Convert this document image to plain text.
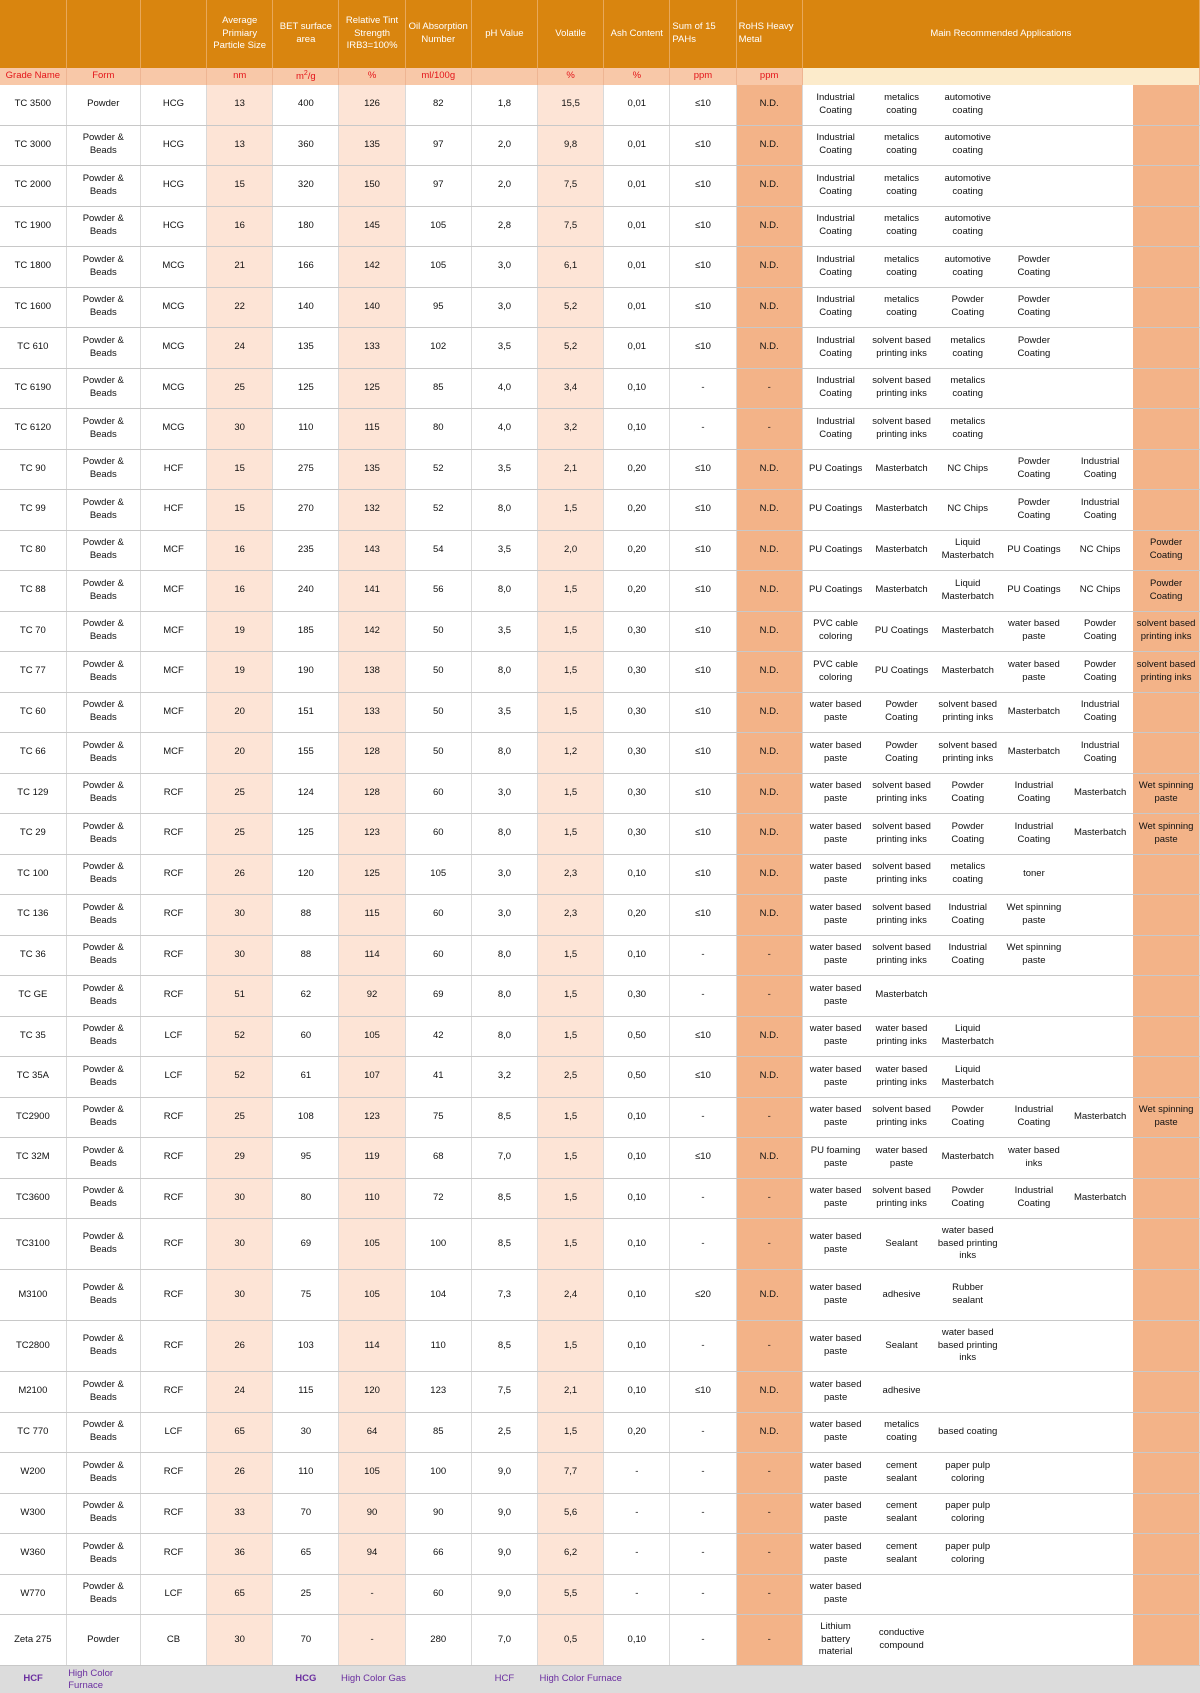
			Average Primiary Particle Size	BET surface area	Relative Tint Strength IRB3=100%	Oil Absorption Number	pH Value	Volatile	Ash Content	Sum of 15 PAHs	RoHS Heavy Metal	Main Recommended Applications					
Grade Name	Form		nm	$m^2/g$	%	ml/100g		%	%	ppm	ppm						
TC 3500	Powder	HCG	13	400	126	82	1,8	15,5	0,01	≤10	N.D.	Industrial Coating	metalics coating	automotive coating			
TC 3000	Powder & Beads	HCG	13	360	135	97	2,0	9,8	0,01	≤10	N.D.	Industrial Coating	metalics coating	automotive coating			
TC 2000	Powder & Beads	HCG	15	320	150	97	2,0	7,5	0,01	≤10	N.D.	Industrial Coating	metalics coating	automotive coating			
TC 1900	Powder & Beads	HCG	16	180	145	105	2,8	7,5	0,01	≤10	N.D.	Industrial Coating	metalics coating	automotive coating			
TC 1800	Powder & Beads	MCG	21	166	142	105	3,0	6,1	0,01	≤10	N.D.	Industrial Coating	metalics coating	automotive coating	Powder Coating		
TC 1600	Powder & Beads	MCG	22	140	140	95	3,0	5,2	0,01	≤10	N.D.	Industrial Coating	metalics coating	Powder Coating	Powder Coating		
TC 610	Powder & Beads	MCG	24	135	133	102	3,5	5,2	0,01	≤10	N.D.	Industrial Coating	solvent based printing inks	metalics coating	Powder Coating		
TC 6190	Powder & Beads	MCG	25	125	125	85	4,0	3,4	0,10	-	-	Industrial Coating	solvent based printing inks	metalics coating			
TC 6120	Powder & Beads	MCG	30	110	115	80	4,0	3,2	0,10	-	-	Industrial Coating	solvent based printing inks	metalics coating			
TC 90	Powder & Beads	HCF	15	275	135	52	3,5	2,1	0,20	≤10	N.D.	PU Coatings	Masterbatch	NC Chips	Powder Coating	Industrial Coating	
TC 99	Powder & Beads	HCF	15	270	132	52	8,0	1,5	0,20	≤10	N.D.	PU Coatings	Masterbatch	NC Chips	Powder Coating	Industrial Coating	
TC 80	Powder & Beads	MCF	16	235	143	54	3,5	2,0	0,20	≤10	N.D.	PU Coatings	Masterbatch	Liquid Masterbatch	PU Coatings	NC Chips	Powder Coating
TC 88	Powder & Beads	MCF	16	240	141	56	8,0	1,5	0,20	≤10	N.D.	PU Coatings	Masterbatch	Liquid Masterbatch	PU Coatings	NC Chips	Powder Coating
TC 70	Powder & Beads	MCF	19	185	142	50	3,5	1,5	0,30	≤10	N.D.	PVC cable coloring	PU Coatings	Masterbatch	water based paste	Powder Coating	solvent based printing inks
TC 77	Powder & Beads	MCF	19	190	138	50	8,0	1,5	0,30	≤10	N.D.	PVC cable coloring	PU Coatings	Masterbatch	water based paste	Powder Coating	solvent based printing inks
TC 60	Powder & Beads	MCF	20	151	133	50	3,5	1,5	0,30	≤10	N.D.	water based paste	Powder Coating	solvent based printing inks	Masterbatch	Industrial Coating	
TC 66	Powder & Beads	MCF	20	155	128	50	8,0	1,2	0,30	≤10	N.D.	water based paste	Powder Coating	solvent based printing inks	Masterbatch	Industrial Coating	
TC 129	Powder & Beads	RCF	25	124	128	60	3,0	1,5	0,30	≤10	N.D.	water based paste	solvent based printing inks	Powder Coating	Industrial Coating	Masterbatch	Wet spinning paste
TC 29	Powder & Beads	RCF	25	125	123	60	8,0	1,5	0,30	≤10	N.D.	water based paste	solvent based printing inks	Powder Coating	Industrial Coating	Masterbatch	Wet spinning paste
TC 100	Powder & Beads	RCF	26	120	125	105	3,0	2,3	0,10	≤10	N.D.	water based paste	solvent based printing inks	metalics coating	toner		
TC 136	Powder & Beads	RCF	30	88	115	60	3,0	2,3	0,20	≤10	N.D.	water based paste	solvent based printing inks	Industrial Coating	Wet spinning paste		
TC 36	Powder & Beads	RCF	30	88	114	60	8,0	1,5	0,10	-	-	water based paste	solvent based printing inks	Industrial Coating	Wet spinning paste		
TC GE	Powder & Beads	RCF	51	62	92	69	8,0	1,5	0,30	-	-	water based paste	Masterbatch				
TC 35	Powder & Beads	LCF	52	60	105	42	8,0	1,5	0,50	≤10	N.D.	water based paste	water based printing inks	Liquid Masterbatch			
TC 35A	Powder & Beads	LCF	52	61	107	41	3,2	2,5	0,50	≤10	N.D.	water based paste	water based printing inks	Liquid Masterbatch			
TC2900	Powder & Beads	RCF	25	108	123	75	8,5	1,5	0,10	-	-	water based paste	solvent based printing inks	Powder Coating	Industrial Coating	Masterbatch	Wet spinning paste
TC 32M	Powder & Beads	RCF	29	95	119	68	7,0	1,5	0,10	≤10	N.D.	PU foaming paste	water based paste	Masterbatch	water based inks		
TC3600	Powder & Beads	RCF	30	80	110	72	8,5	1,5	0,10	-	-	water based paste	solvent based printing inks	Powder Coating	Industrial Coating	Masterbatch	
TC3100	Powder & Beads	RCF	30	69	105	100	8,5	1,5	0,10	-	-	water based paste	Sealant	water based based printing inks			
M3100	Powder & Beads	RCF	30	75	105	104	7,3	2,4	0,10	≤20	N.D.	water based paste	adhesive	Rubber sealant			
TC2800	Powder & Beads	RCF	26	103	114	110	8,5	1,5	0,10	-	-	water based paste	Sealant	water based based printing inks			
M2100	Powder & Beads	RCF	24	115	120	123	7,5	2,1	0,10	≤10	N.D.	water based paste	adhesive				
TC 770	Powder & Beads	LCF	65	30	64	85	2,5	1,5	0,20	-	N.D.	water based paste	metalics coating	based coating			
W200	Powder & Beads	RCF	26	110	105	100	9,0	7,7	-	-	-	water based paste	cement sealant	paper pulp coloring			
W300	Powder & Beads	RCF	33	70	90	90	9,0	5,6	-	-	-	water based paste	cement sealant	paper pulp coloring			
W360	Powder & Beads	RCF	36	65	94	66	9,0	6,2	-	-	-	water based paste	cement sealant	paper pulp coloring			
W770	Powder & Beads	LCF	65	25	-	60	9,0	5,5	-	-	-	water based paste					
Zeta 275	Powder	CB	30	70	-	280	7,0	0,5	0,10	-	-	Lithium battery material	conductive compound				
HCF	High Color Furnace			HCG	High Color Gas		HCF	High Color Furnace									
